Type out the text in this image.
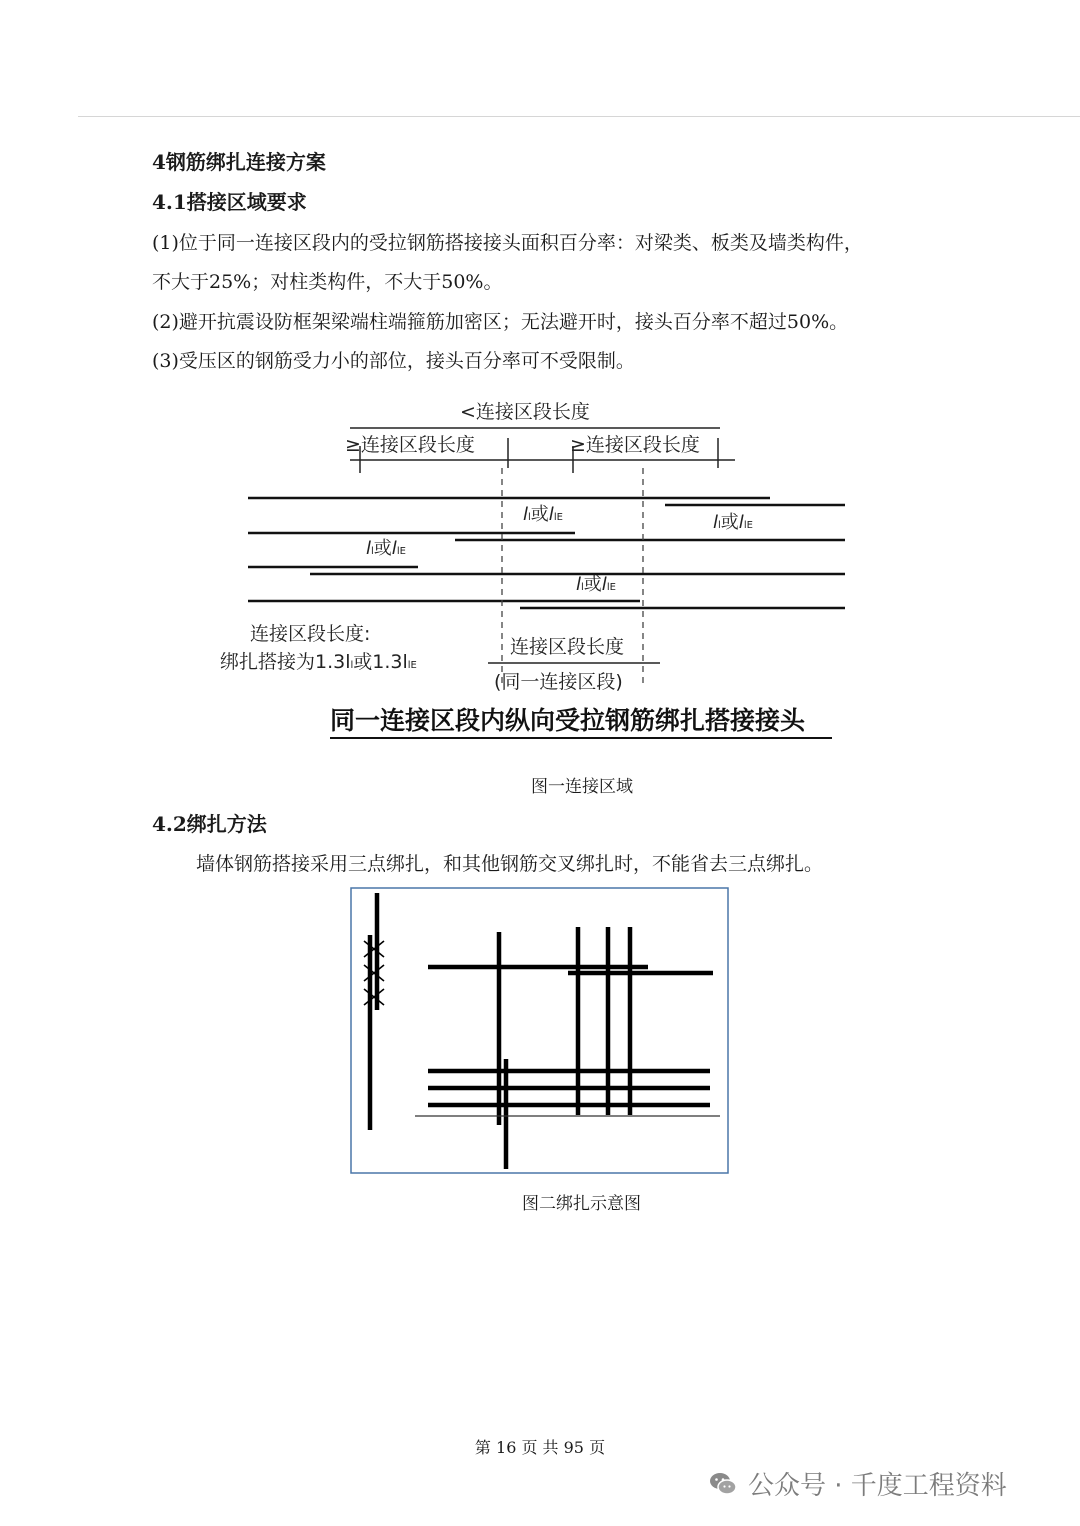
4钢筋绑扎连接方案
4.1搭接区域要求
(1)位于同一连接区段内的受拉钢筋搭接接头面积百分率：对梁类、板类及墙类构件，
不大于25%；对柱类构件，不大于50%。
(2)避开抗震设防框架梁端柱端箍筋加密区；无法避开时，接头百分率不超过50%。
(3)受压区的钢筋受力小的部位，接头百分率可不受限制。
<连接区段长度
≥连接区段长度	≥连接区段长度
ll或llE	ll或llE
ll或llE
ll或llE
连接区段长度:
绑扎搭接为1.3ll或1.3llE
连接区段长度
(同一连接区段)
同一连接区段内纵向受拉钢筋绑扎搭接接头
图一连接区域
4.2绑扎方法
墙体钢筋搭接采用三点绑扎，和其他钢筋交叉绑扎时，不能省去三点绑扎。
图二绑扎示意图
第 16 页 共 95 页
公众号 · 千度工程资料
